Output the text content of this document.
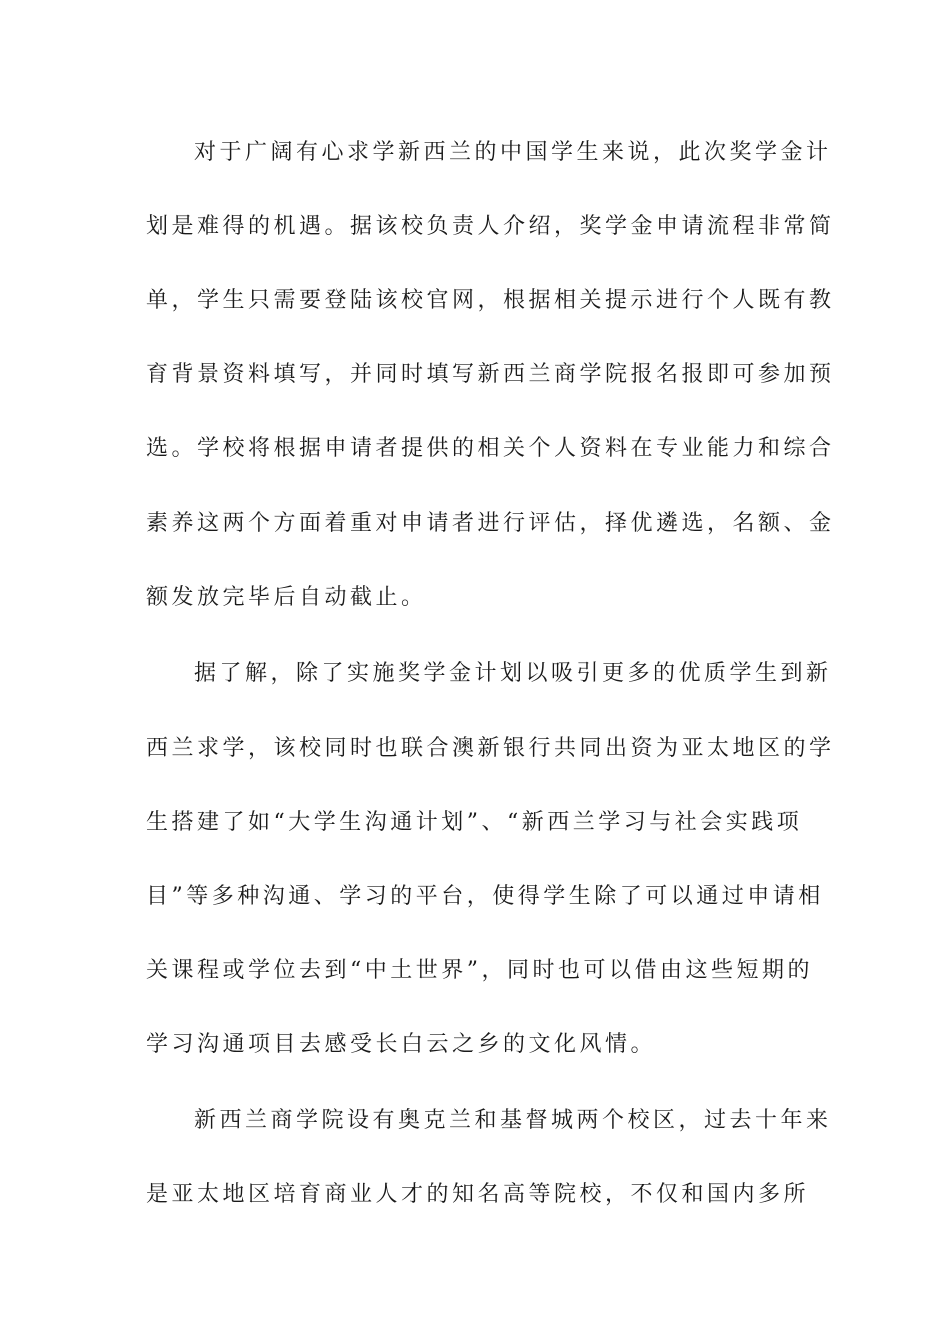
对于广阔有心求学新西兰的中国学生来说，此次奖学金计
划是难得的机遇。据该校负责人介绍，奖学金申请流程非常简
单，学生只需要登陆该校官网，根据相关提示进行个人既有教
育背景资料填写，并同时填写新西兰商学院报名报即可参加预
选。学校将根据申请者提供的相关个人资料在专业能力和综合
素养这两个方面着重对申请者进行评估，择优遴选，名额、金
额发放完毕后自动截止。
据了解，除了实施奖学金计划以吸引更多的优质学生到新
西兰求学，该校同时也联合澳新银行共同出资为亚太地区的学
生搭建了如“大学生沟通计划”、“新西兰学习与社会实践项
目”等多种沟通、学习的平台，使得学生除了可以通过申请相
关课程或学位去到“中土世界”，同时也可以借由这些短期的
学习沟通项目去感受长白云之乡的文化风情。
新西兰商学院设有奥克兰和基督城两个校区，过去十年来
是亚太地区培育商业人才的知名高等院校，不仅和国内多所
